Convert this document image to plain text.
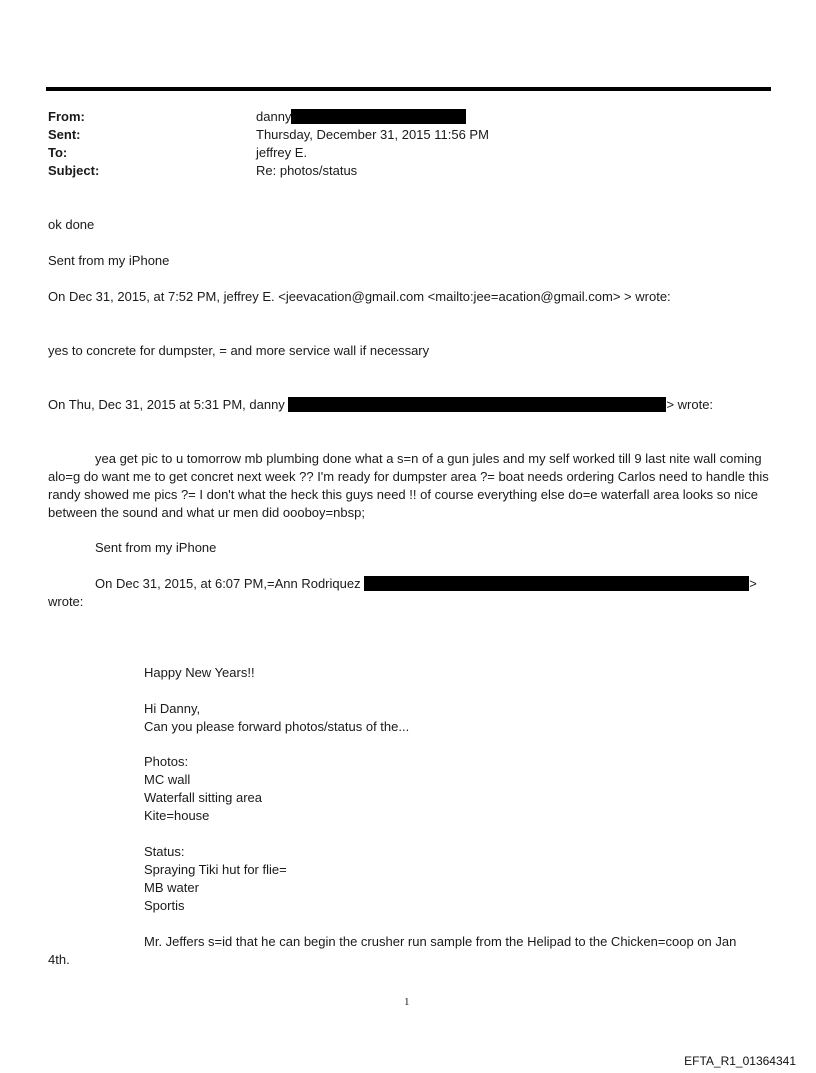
From:	danny
Sent:	Thursday, December 31, 2015 11:56 PM
To:	jeffrey E.
Subject:	Re: photos/status
ok done
Sent from my iPhone
On Dec 31, 2015, at 7:52 PM, jeffrey E. <jeevacation@gmail.com <mailto:jee=acation@gmail.com> > wrote:
yes to concrete for dumpster, = and more service wall if necessary
On Thu, Dec 31, 2015 at 5:31 PM, danny	> wrote:
yea get pic to u tomorrow mb plumbing done what a s=n of a gun jules and my self worked till 9 last nite wall coming alo=g do want me to get concret next week ?? I'm ready for dumpster area ?= boat needs ordering Carlos need to handle this randy showed me pics ?= I don't what the heck this guys need !! of course everything else do=e waterfall area looks so nice between the sound and what ur men did oooboy=nbsp;
Sent from my iPhone
On Dec 31, 2015, at 6:07 PM,=Ann Rodriquez	>
wrote:
Happy New Years!!
Hi Danny,
Can you please forward photos/status of the...
Photos:
MC wall
Waterfall sitting area
Kite=house
Status:
Spraying Tiki hut for flie=
MB water
Sportis
Mr. Jeffers s=id that he can begin the crusher run sample from the Helipad to the Chicken=coop on Jan
4th.
1
EFTA_R1_01364341
